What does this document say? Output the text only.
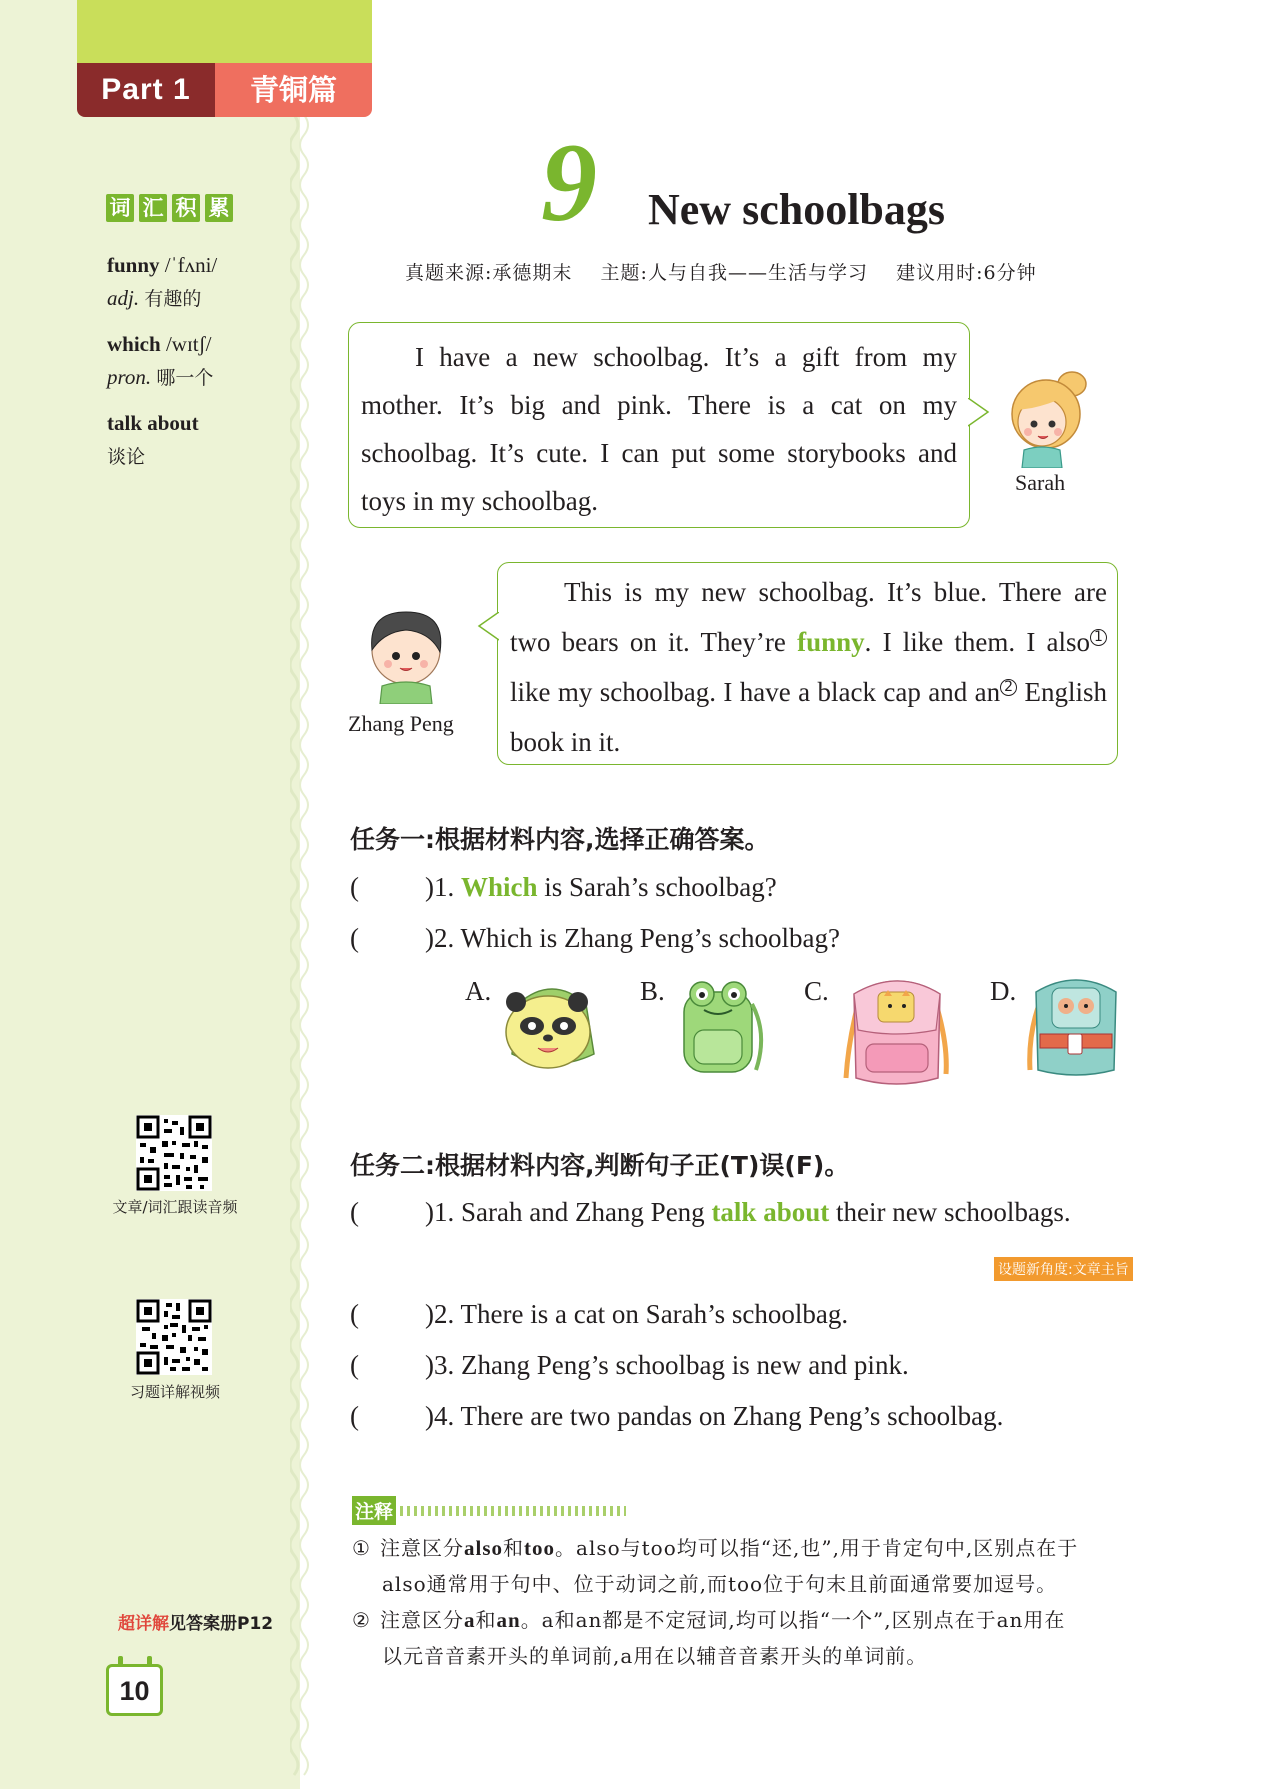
Part 1	青铜篇
词 汇 积 累
funny /ˈfʌni/
adj. 有趣的
which /wɪtʃ/
pron. 哪一个
talk about
谈论
文章/词汇跟读音频
习题详解视频
超详解见答案册P12
10
9 New schoolbags
真题来源:承德期末    主题:人与自我——生活与学习    建议用时:6分钟

I have a new schoolbag. It’s a gift from my mother. It’s big and pink. There is a cat on my schoolbag. It’s cute. I can put some storybooks and toys in my schoolbag.

Sarah

This is my new schoolbag. It’s blue. There are two bears on it. They’re funny. I like them. I also 1 like my schoolbag. I have a black cap and an 2 English book in it.

Zhang Peng
任务一:根据材料内容,选择正确答案。
( )1. Which is Sarah’s schoolbag?
( )2. Which is Zhang Peng’s schoolbag?
A.	B.	C.	D.
任务二:根据材料内容,判断句子正(T)误(F)。
( )1. Sarah and Zhang Peng talk about their new schoolbags.
设题新角度:文章主旨
( )2. There is a cat on Sarah’s schoolbag.
( )3. Zhang Peng’s schoolbag is new and pink.
( )4. There are two pandas on Zhang Peng’s schoolbag.
注释
① 注意区分also和too。also与too均可以指“还,也”,用于肯定句中,区别点在于
also通常用于句中、位于动词之前,而too位于句末且前面通常要加逗号。
② 注意区分a和an。a和an都是不定冠词,均可以指“一个”,区别点在于an用在
以元音音素开头的单词前,a用在以辅音音素开头的单词前。
